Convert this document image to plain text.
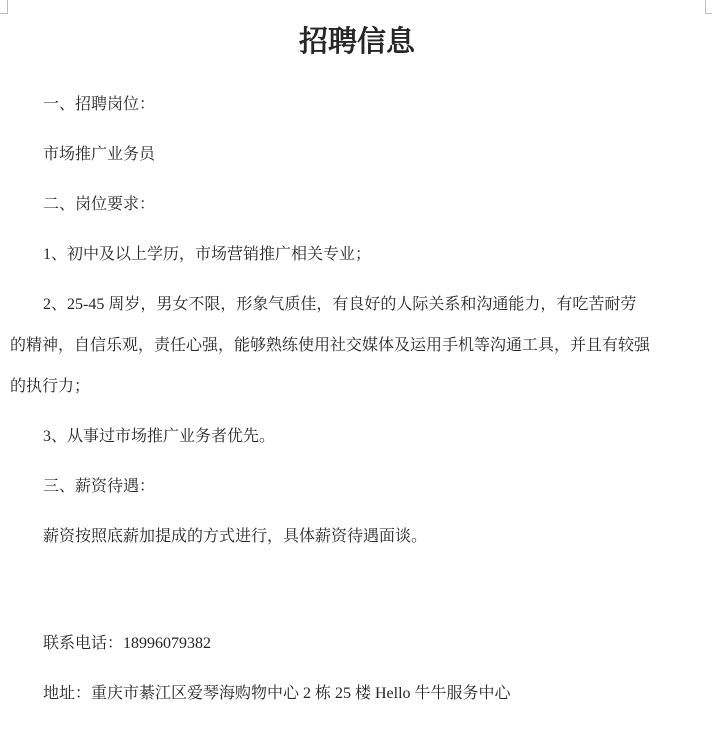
招聘信息

一、招聘岗位：

市场推广业务员

二、岗位要求：

1、初中及以上学历，市场营销推广相关专业；

2、25-45 周岁，男女不限，形象气质佳，有良好的人际关系和沟通能力，有吃苦耐劳

的精神，自信乐观，责任心强，能够熟练使用社交媒体及运用手机等沟通工具，并且有较强

的执行力；

3、从事过市场推广业务者优先。

三、薪资待遇：

薪资按照底薪加提成的方式进行，具体薪资待遇面谈。

联系电话：18996079382

地址：重庆市綦江区爱琴海购物中心 2 栋 25 楼 Hello 牛牛服务中心
